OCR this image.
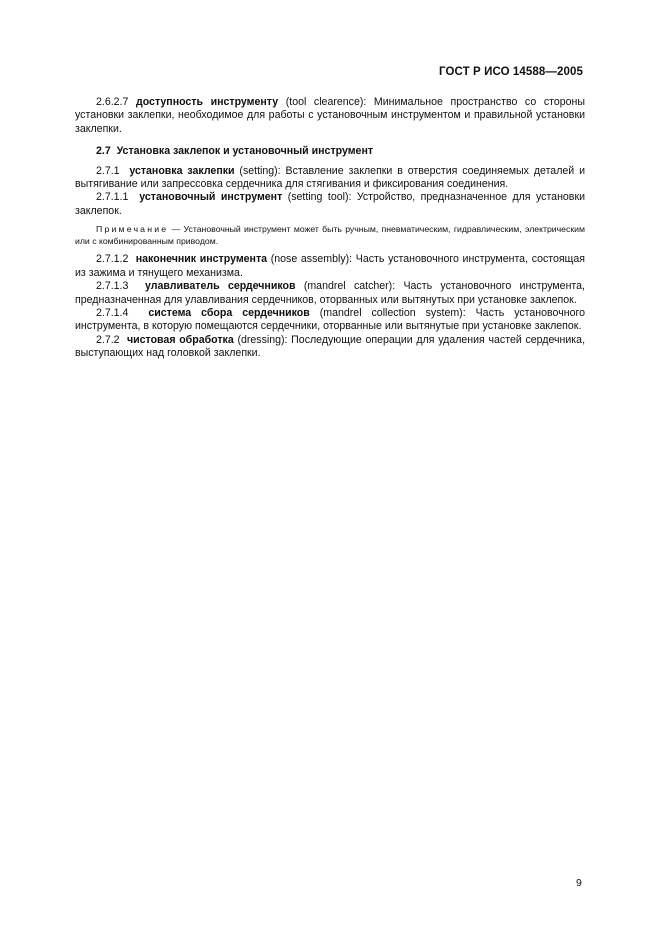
ГОСТ Р ИСО 14588—2005

2.6.2.7 доступность инструменту (tool clearence): Минимальное пространство со стороны установки заклепки, необходимое для работы с установочным инструментом и правильной установки заклепки.

2.7 Установка заклепок и установочный инструмент

2.7.1 установка заклепки (setting): Вставление заклепки в отверстия соединяемых деталей и вытягивание или запрессовка сердечника для стягивания и фиксирования соединения.

2.7.1.1 установочный инструмент (setting tool): Устройство, предназначенное для установки заклепок.

Примечание — Установочный инструмент может быть ручным, пневматическим, гидравлическим, электрическим или с комбинированным приводом.

2.7.1.2 наконечник инструмента (nose assembly): Часть установочного инструмента, состоящая из зажима и тянущего механизма.

2.7.1.3 улавливатель сердечников (mandrel catcher): Часть установочного инструмента, предназначенная для улавливания сердечников, оторванных или вытянутых при установке заклепок.

2.7.1.4 система сбора сердечников (mandrel collection system): Часть установочного инструмента, в которую помещаются сердечники, оторванные или вытянутые при установке заклепок.

2.7.2 чистовая обработка (dressing): Последующие операции для удаления частей сердечника, выступающих над головкой заклепки.

9
